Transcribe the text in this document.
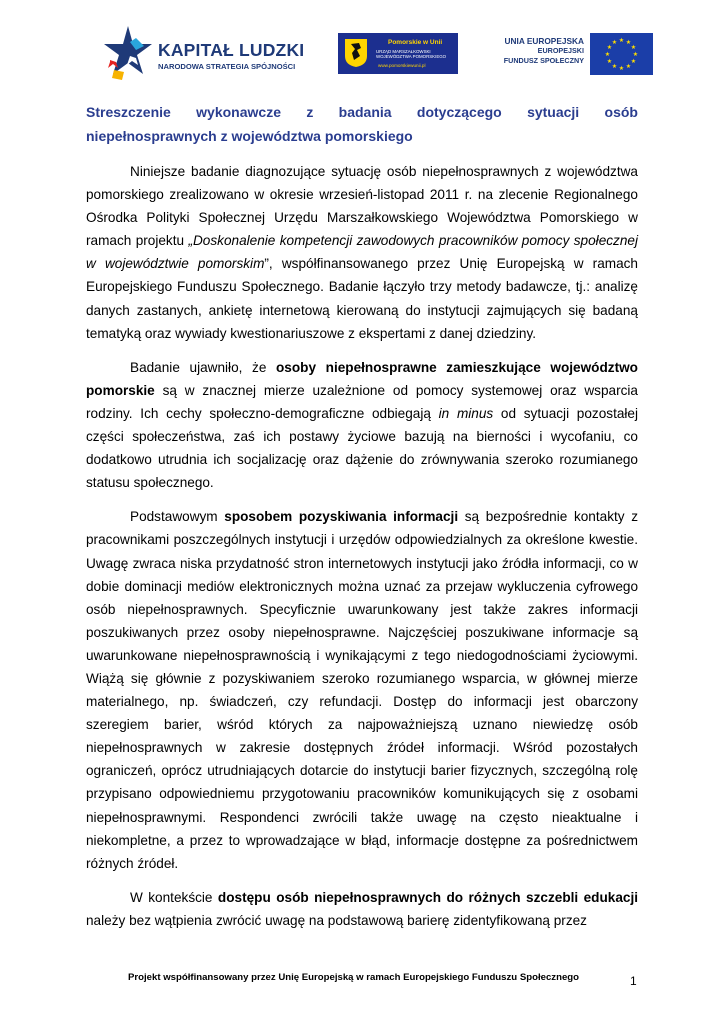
KAPITAŁ LUDZKI
NARODOWA STRATEGIA SPÓJNOŚCI
Pomorskie w Unii
URZĄD MARSZAŁKOWSKI
WOJEWÓDZTWA POMORSKIEGO
www.pomorskiewunii.pl
UNIA EUROPEJSKA
EUROPEJSKI
FUNDUSZ SPOŁECZNY
★ ★
★
★
★
★
★
★
★
★
★
★
Streszczenie wykonawcze z badania dotyczącego sytuacji osób niepełnosprawnych z województwa pomorskiego

Niniejsze badanie diagnozujące sytuację osób niepełnosprawnych z województwa pomorskiego zrealizowano w okresie wrzesień-listopad 2011 r. na zlecenie Regionalnego Ośrodka Polityki Społecznej Urzędu Marszałkowskiego Województwa Pomorskiego w ramach projektu „Doskonalenie kompetencji zawodowych pracowników pomocy społecznej w województwie pomorskim”, współfinansowanego przez Unię Europejską w ramach Europejskiego Funduszu Społecznego. Badanie łączyło trzy metody badawcze, tj.: analizę danych zastanych, ankietę internetową kierowaną do instytucji zajmujących się badaną tematyką oraz wywiady kwestionariuszowe z ekspertami z danej dziedziny.

Badanie ujawniło, że osoby niepełnosprawne zamieszkujące województwo pomorskie są w znacznej mierze uzależnione od pomocy systemowej oraz wsparcia rodziny. Ich cechy społeczno-demograficzne odbiegają in minus od sytuacji pozostałej części społeczeństwa, zaś ich postawy życiowe bazują na bierności i wycofaniu, co dodatkowo utrudnia ich socjalizację oraz dążenie do zrównywania szeroko rozumianego statusu społecznego.

Podstawowym sposobem pozyskiwania informacji są bezpośrednie kontakty z pracownikami poszczególnych instytucji i urzędów odpowiedzialnych za określone kwestie. Uwagę zwraca niska przydatność stron internetowych instytucji jako źródła informacji, co w dobie dominacji mediów elektronicznych można uznać za przejaw wykluczenia cyfrowego osób niepełnosprawnych. Specyficznie uwarunkowany jest także zakres informacji poszukiwanych przez osoby niepełnosprawne. Najczęściej poszukiwane informacje są uwarunkowane niepełnosprawnością i wynikającymi z tego niedogodnościami życiowymi. Wiążą się głównie z pozyskiwaniem szeroko rozumianego wsparcia, w głównej mierze materialnego, np. świadczeń, czy refundacji. Dostęp do informacji jest obarczony szeregiem barier, wśród których za najpoważniejszą uznano niewiedzę osób niepełnosprawnych w zakresie dostępnych źródeł informacji. Wśród pozostałych ograniczeń, oprócz utrudniających dotarcie do instytucji barier fizycznych, szczególną rolę przypisano odpowiedniemu przygotowaniu pracowników komunikujących się z osobami niepełnosprawnymi. Respondenci zwrócili także uwagę na często nieaktualne i niekompletne, a przez to wprowadzające w błąd, informacje dostępne za pośrednictwem różnych źródeł.

W kontekście dostępu osób niepełnosprawnych do różnych szczebli edukacji należy bez wątpienia zwrócić uwagę na podstawową barierę zidentyfikowaną przez

Projekt współfinansowany przez Unię Europejską w ramach Europejskiego Funduszu Społecznego	1
